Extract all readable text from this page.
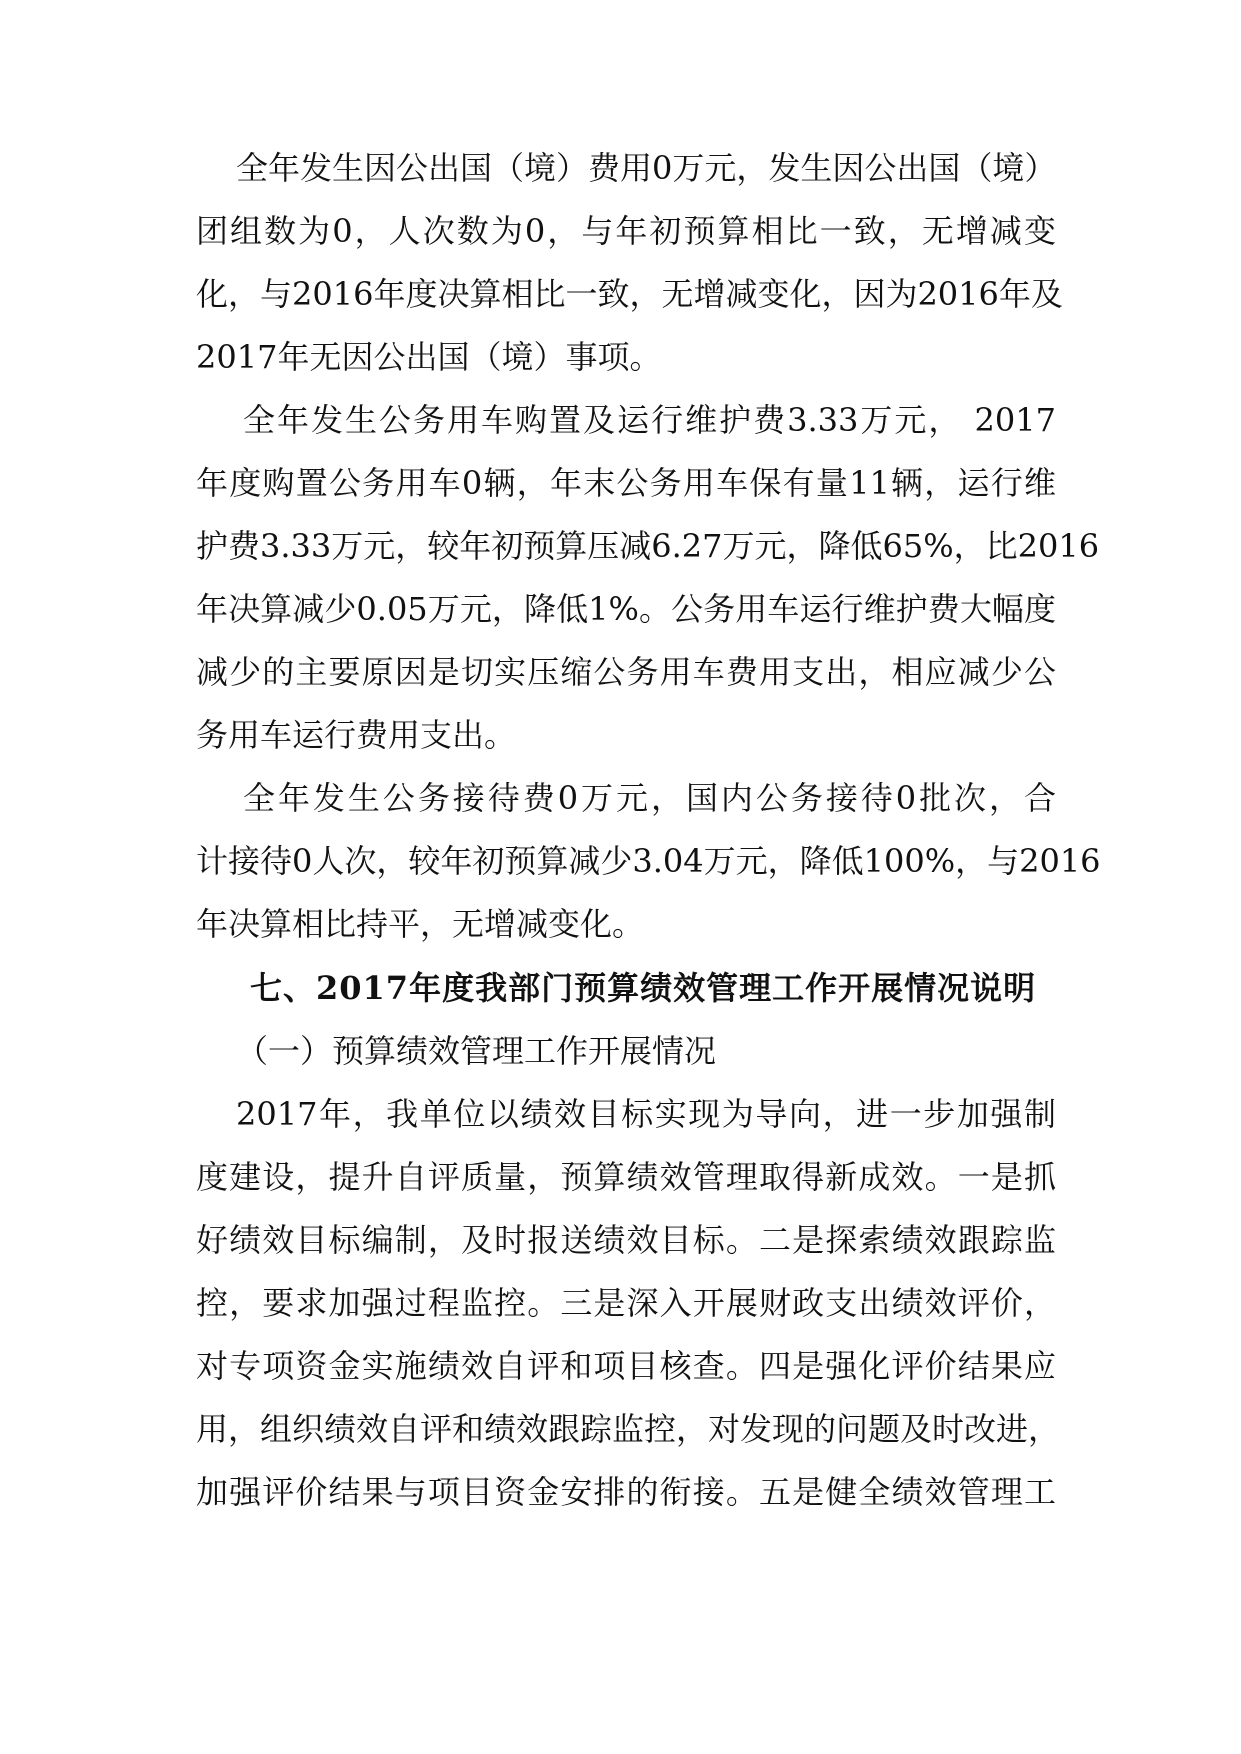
全年发生因公出国（境）费用0万元，发生因公出国（境）
团组数为0，人次数为0，与年初预算相比一致，无增减变
化，与2016年度决算相比一致，无增减变化，因为2016年及
2017年无因公出国（境）事项。
全年发生公务用车购置及运行维护费3.33万元， 2017
年度购置公务用车0辆，年末公务用车保有量11辆，运行维
护费3.33万元，较年初预算压减6.27万元，降低65%，比2016
年决算减少0.05万元，降低1%。公务用车运行维护费大幅度
减少的主要原因是切实压缩公务用车费用支出，相应减少公
务用车运行费用支出。
全年发生公务接待费0万元，国内公务接待0批次，合
计接待0人次，较年初预算减少3.04万元，降低100%，与2016
年决算相比持平，无增减变化。
七、2017年度我部门预算绩效管理工作开展情况说明
（一）预算绩效管理工作开展情况
2017年，我单位以绩效目标实现为导向，进一步加强制
度建设，提升自评质量，预算绩效管理取得新成效。一是抓
好绩效目标编制，及时报送绩效目标。二是探索绩效跟踪监
控，要求加强过程监控。三是深入开展财政支出绩效评价，
对专项资金实施绩效自评和项目核查。四是强化评价结果应
用，组织绩效自评和绩效跟踪监控，对发现的问题及时改进，
加强评价结果与项目资金安排的衔接。五是健全绩效管理工
